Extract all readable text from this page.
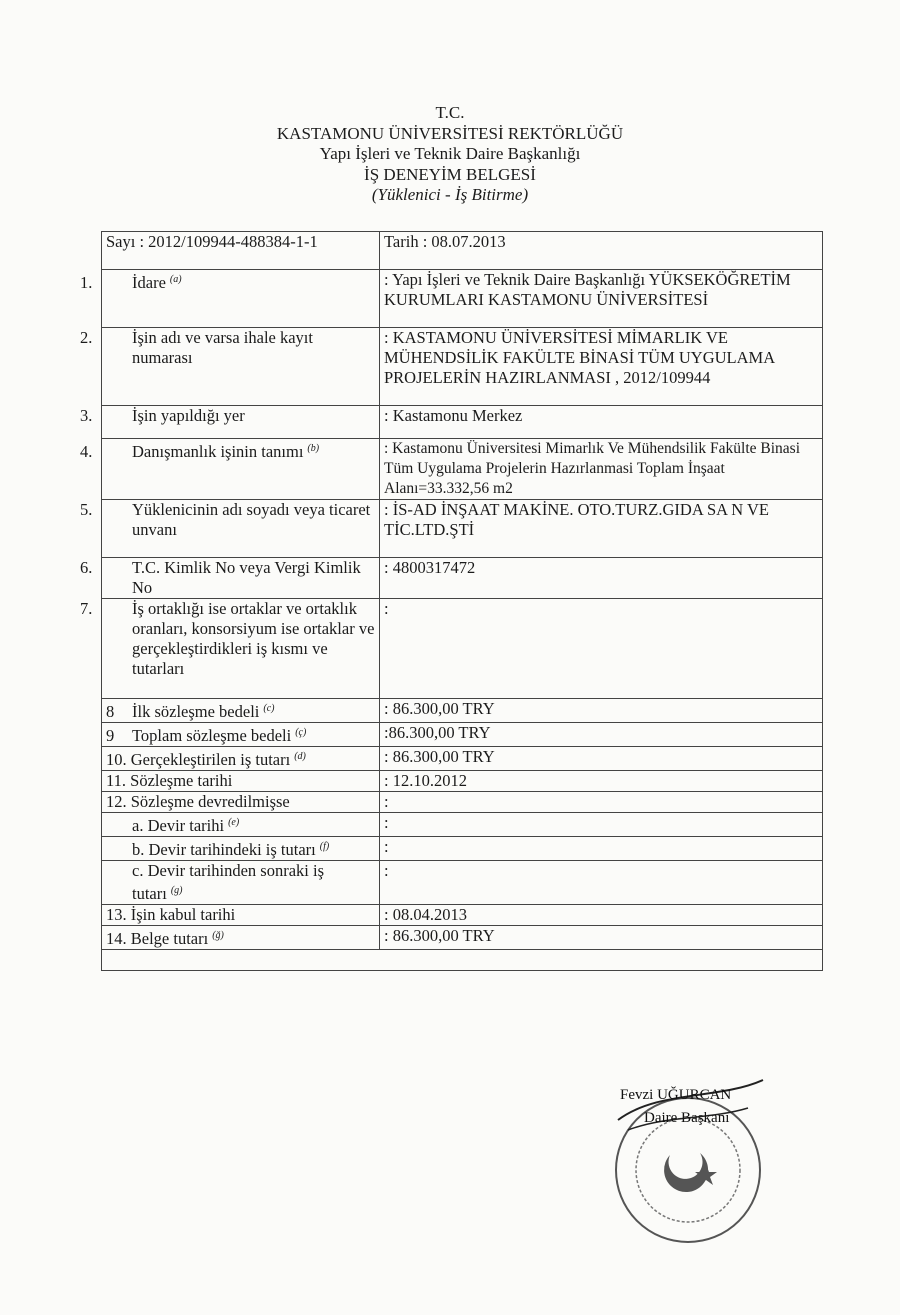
T.C.
KASTAMONU ÜNİVERSİTESİ REKTÖRLÜĞÜ
Yapı İşleri ve Teknik Daire Başkanlığı
İŞ DENEYİM BELGESİ
(Yüklenici - İş Bitirme)
Sayı : 2012/109944-488384-1-1	Tarih : 08.07.2013
1. İdare $^{(a)}$	: Yapı İşleri ve Teknik Daire Başkanlığı YÜKSEKÖĞRETİM KURUMLARI KASTAMONU ÜNİVERSİTESİ
2. İşin adı ve varsa ihale kayıt numarası	: KASTAMONU ÜNİVERSİTESİ MİMARLIK VE MÜHENDSİLİK FAKÜLTE BİNASİ TÜM UYGULAMA PROJELERİN HAZIRLANMASI , 2012/109944
3. İşin yapıldığı yer	: Kastamonu Merkez
4. Danışmanlık işinin tanımı $^{(b)}$	: Kastamonu Üniversitesi Mimarlık Ve Mühendsilik Fakülte Binasi Tüm Uygulama Projelerin Hazırlanmasi Toplam İnşaat Alanı=33.332,56 m2
5. Yüklenicinin adı soyadı veya ticaret unvanı	: İS-AD İNŞAAT MAKİNE. OTO.TURZ.GIDA SA N VE TİC.LTD.ŞTİ
6. T.C. Kimlik No veya Vergi Kimlik No	: 4800317472
7. İş ortaklığı ise ortaklar ve ortaklık oranları, konsorsiyum ise ortaklar ve gerçekleştirdikleri iş kısmı ve tutarları	:
8 İlk sözleşme bedeli $^{(c)}$	: 86.300,00 TRY
9 Toplam sözleşme bedeli $^{(ç)}$	:86.300,00 TRY
10. Gerçekleştirilen iş tutarı $^{(d)}$	: 86.300,00 TRY
11. Sözleşme tarihi	: 12.10.2012
12. Sözleşme devredilmişse	:
a. Devir tarihi $^{(e)}$	:
b. Devir tarihindeki iş tutarı $^{(f)}$	:
c. Devir tarihinden sonraki iş tutarı $^{(g)}$	:
13. İşin kabul tarihi	: 08.04.2013
14. Belge tutarı $^{(ğ)}$	: 86.300,00 TRY

Fevzi UĞURCAN
Daire Başkanı
